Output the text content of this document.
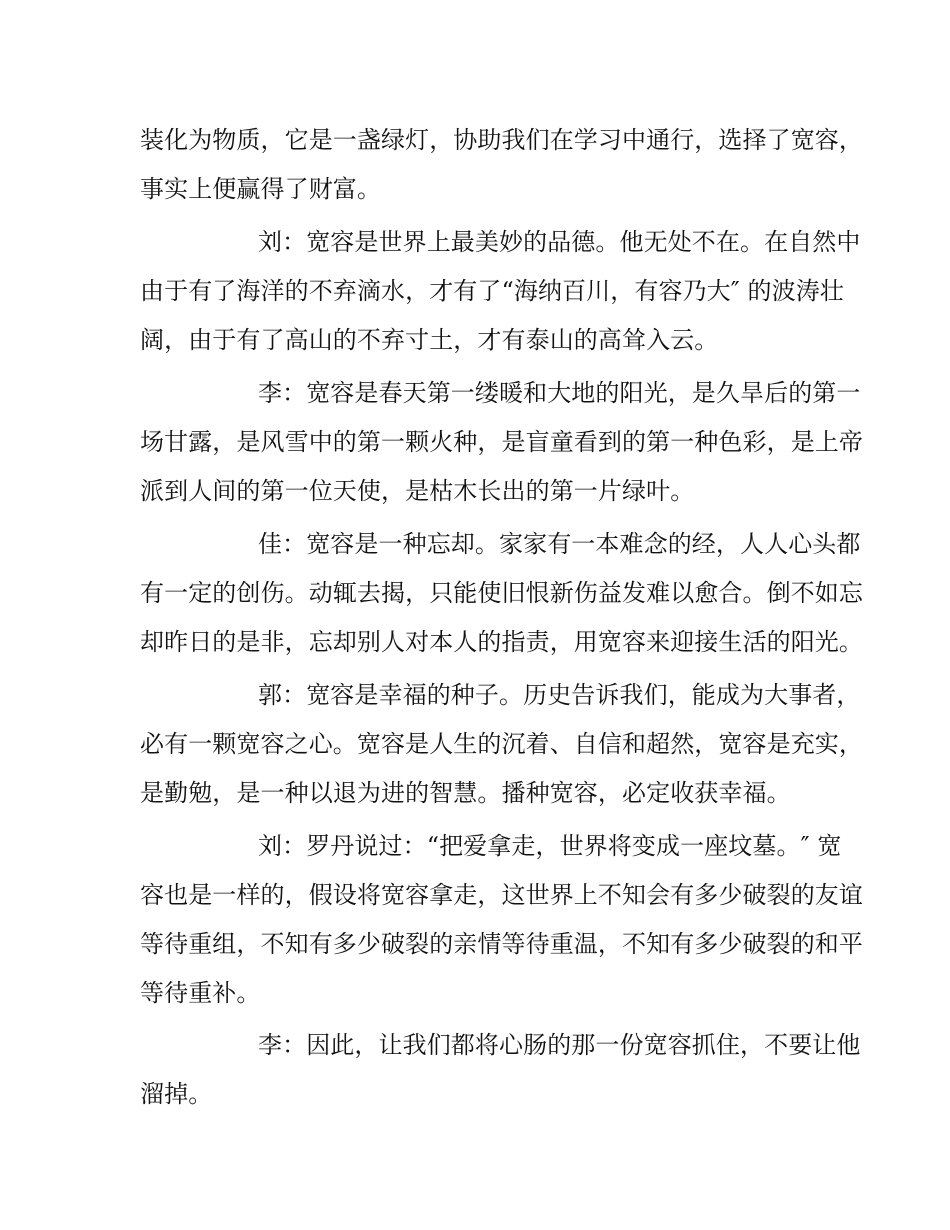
装化为物质，它是一盏绿灯，协助我们在学习中通行，选择了宽容，
事实上便赢得了财富。
刘：宽容是世界上最美妙的品德。他无处不在。在自然中
由于有了海洋的不弃滴水，才有了“海纳百川，有容乃大″ 的波涛壮
阔，由于有了高山的不弃寸土，才有泰山的高耸入云。
李：宽容是春天第一缕暖和大地的阳光，是久旱后的第一
场甘露，是风雪中的第一颗火种，是盲童看到的第一种色彩，是上帝
派到人间的第一位天使，是枯木长出的第一片绿叶。
佳：宽容是一种忘却。家家有一本难念的经，人人心头都
有一定的创伤。动辄去揭，只能使旧恨新伤益发难以愈合。倒不如忘
却昨日的是非，忘却别人对本人的指责，用宽容来迎接生活的阳光。
郭：宽容是幸福的种子。历史告诉我们，能成为大事者，
必有一颗宽容之心。宽容是人生的沉着、自信和超然，宽容是充实，
是勤勉，是一种以退为进的智慧。播种宽容，必定收获幸福。
刘：罗丹说过：“把爱拿走，世界将变成一座坟墓。″ 宽
容也是一样的，假设将宽容拿走，这世界上不知会有多少破裂的友谊
等待重组，不知有多少破裂的亲情等待重温，不知有多少破裂的和平
等待重补。
李：因此，让我们都将心肠的那一份宽容抓住，不要让他
溜掉。
